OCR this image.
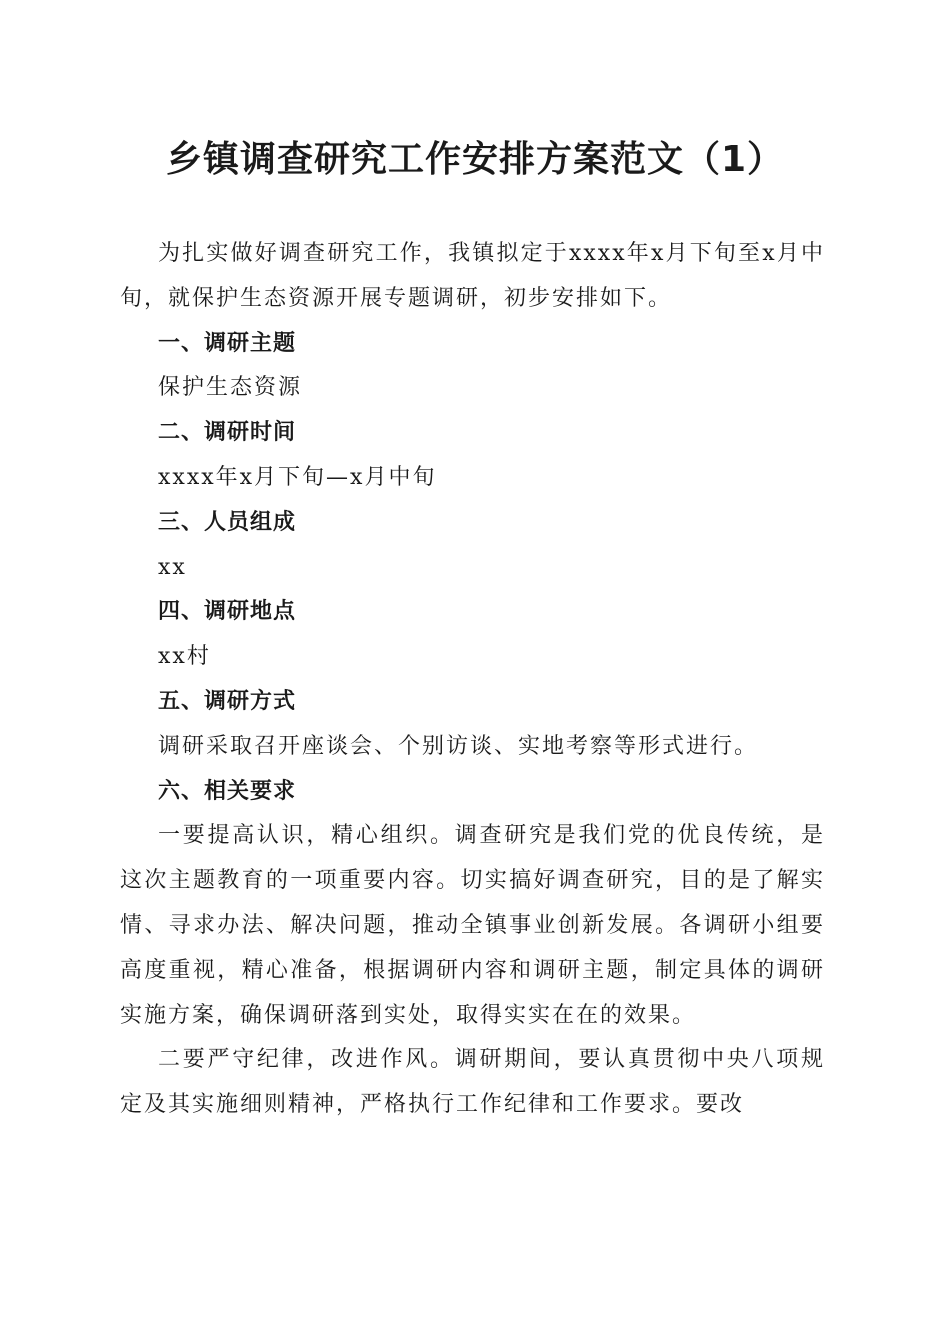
乡镇调查研究工作安排方案范文（1）

为扎实做好调查研究工作，我镇拟定于xxxx年x月下旬至x月中旬，就保护生态资源开展专题调研，初步安排如下。

一、调研主题

保护生态资源

二、调研时间

xxxx年x月下旬—x月中旬

三、人员组成

xx

四、调研地点

xx村

五、调研方式

调研采取召开座谈会、个别访谈、实地考察等形式进行。

六、相关要求

一要提高认识，精心组织。调查研究是我们党的优良传统，是这次主题教育的一项重要内容。切实搞好调查研究，目的是了解实情、寻求办法、解决问题，推动全镇事业创新发展。各调研小组要高度重视，精心准备，根据调研内容和调研主题，制定具体的调研实施方案，确保调研落到实处，取得实实在在的效果。

二要严守纪律，改进作风。调研期间，要认真贯彻中央八项规定及其实施细则精神，严格执行工作纪律和工作要求。要改
